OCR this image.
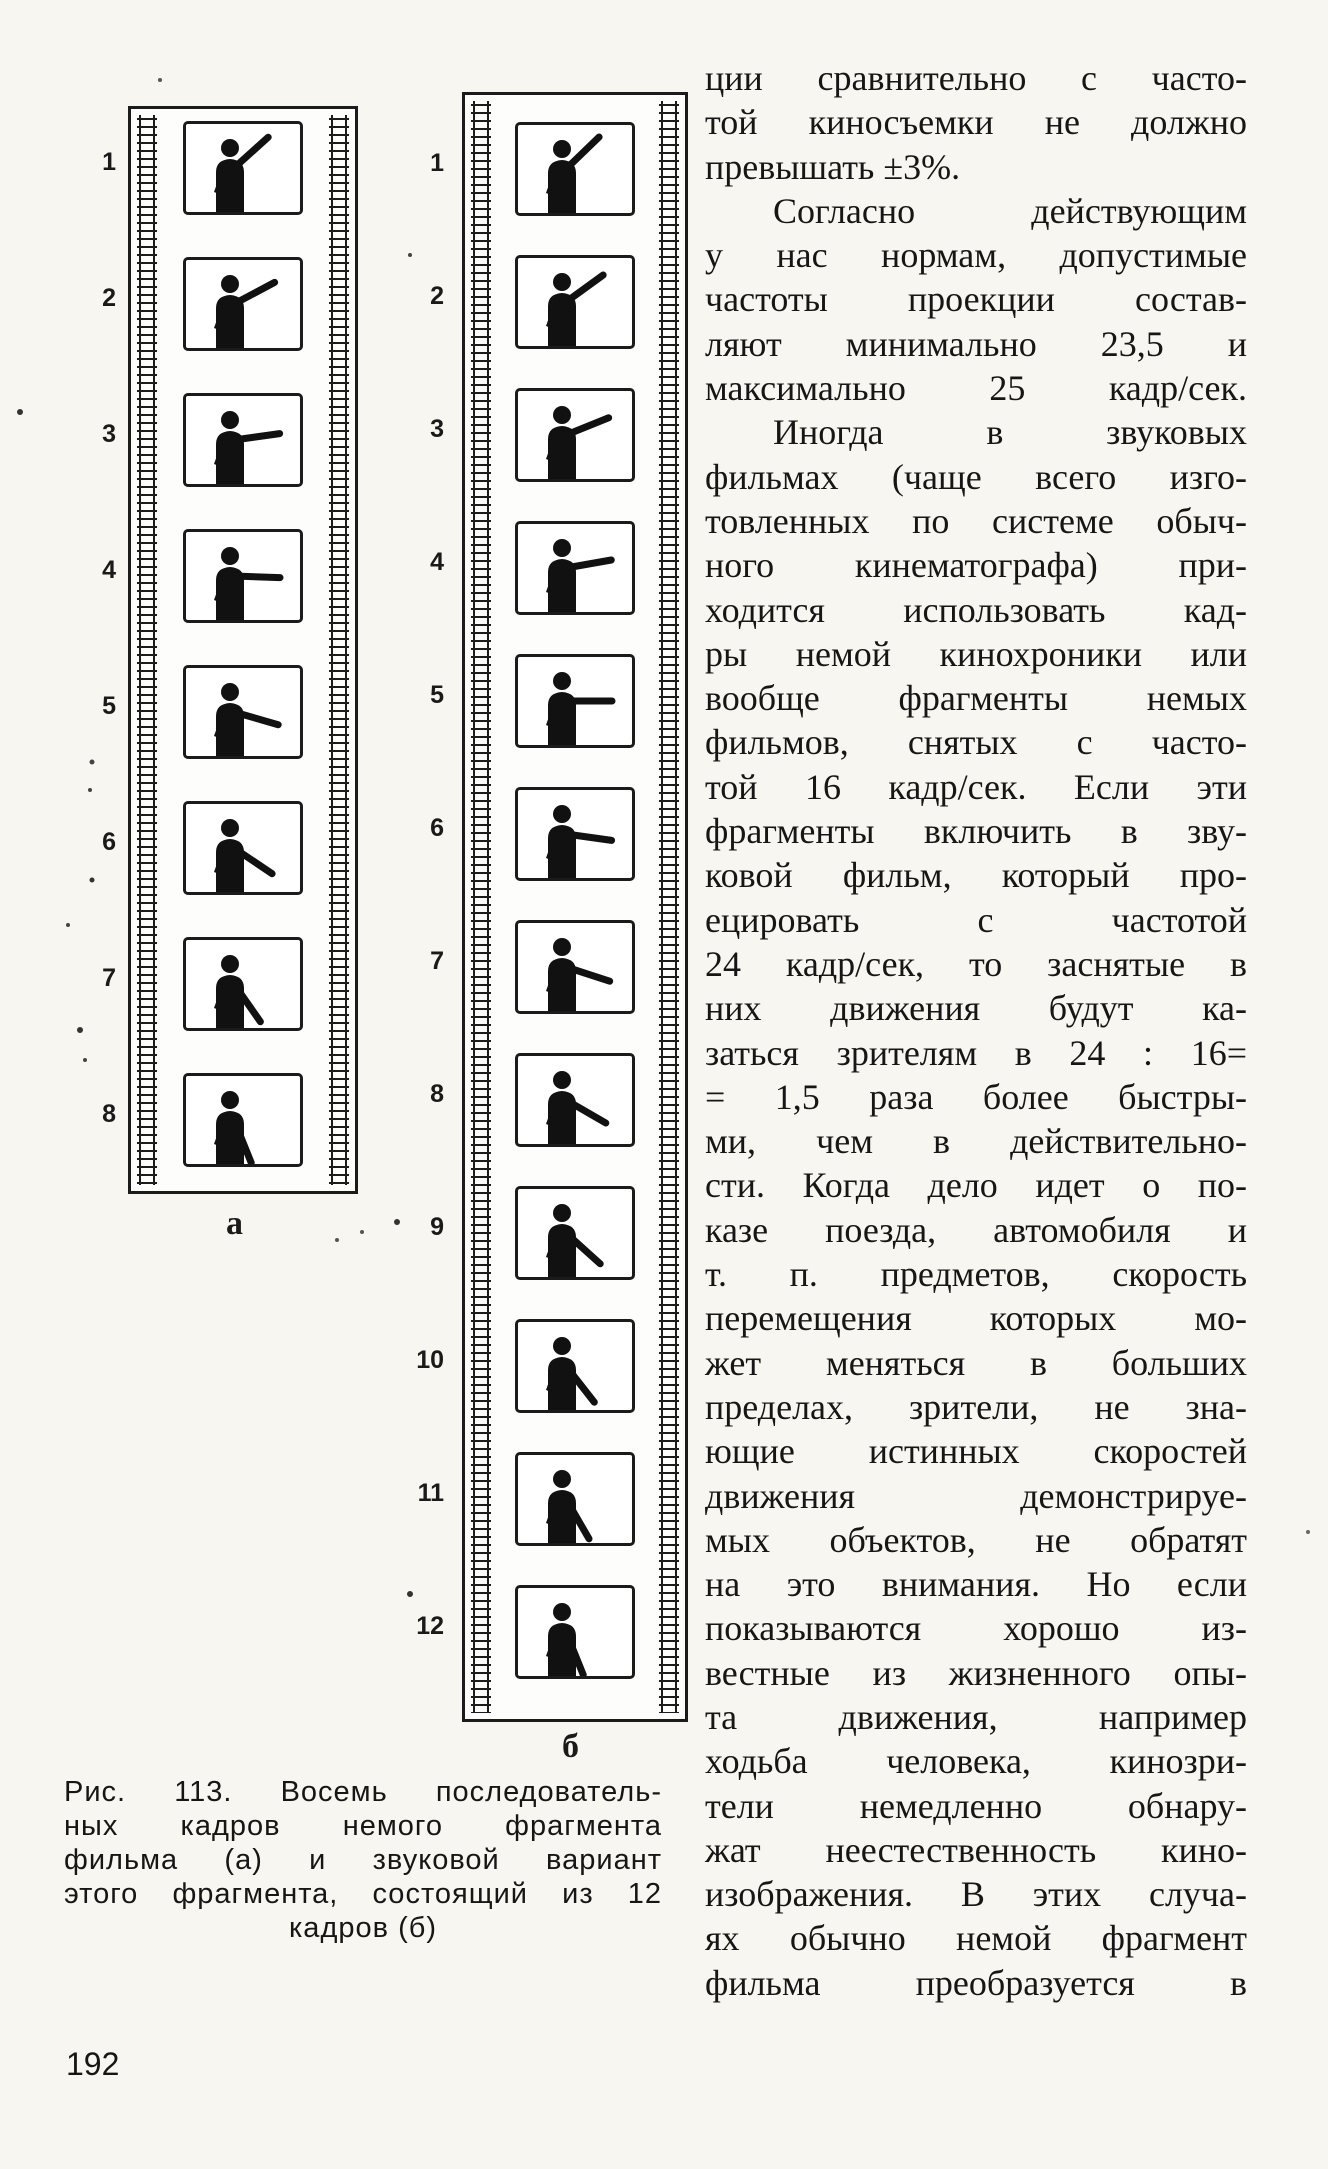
а
б
Рис. 113. Восемь последователь-
ных кадров немого фрагмента
фильма (а) и звуковой вариант
этого фрагмента, состоящий из 12
кадров (б)
ции сравнительно с часто-
той киносъемки не должно
превышать ±3%.
Согласно действующим
у нас нормам, допустимые
частоты проекции состав-
ляют минимально 23,5 и
максимально 25 кадр/сек.
Иногда в звуковых
фильмах (чаще всего изго-
товленных по системе обыч-
ного кинематографа) при-
ходится использовать кад-
ры немой кинохроники или
вообще фрагменты немых
фильмов, снятых с часто-
той 16 кадр/сек. Если эти
фрагменты включить в зву-
ковой фильм, который про-
ецировать с частотой
24 кадр/сек, то заснятые в
них движения будут ка-
заться зрителям в 24 : 16=
= 1,5 раза более быстры-
ми, чем в действительно-
сти. Когда дело идет о по-
казе поезда, автомобиля и
т. п. предметов, скорость
перемещения которых мо-
жет меняться в больших
пределах, зрители, не зна-
ющие истинных скоростей
движения демонстрируе-
мых объектов, не обратят
на это внимания. Но если
показываются хорошо из-
вестные из жизненного опы-
та движения, например
ходьба человека, кинозри-
тели немедленно обнару-
жат неестественность кино-
изображения. В этих случа-
ях обычно немой фрагмент
фильма преобразуется в
192
1
2
3
4
5
6
7
8
1
2
3
4
5
6
7
8
9
10
11
12
